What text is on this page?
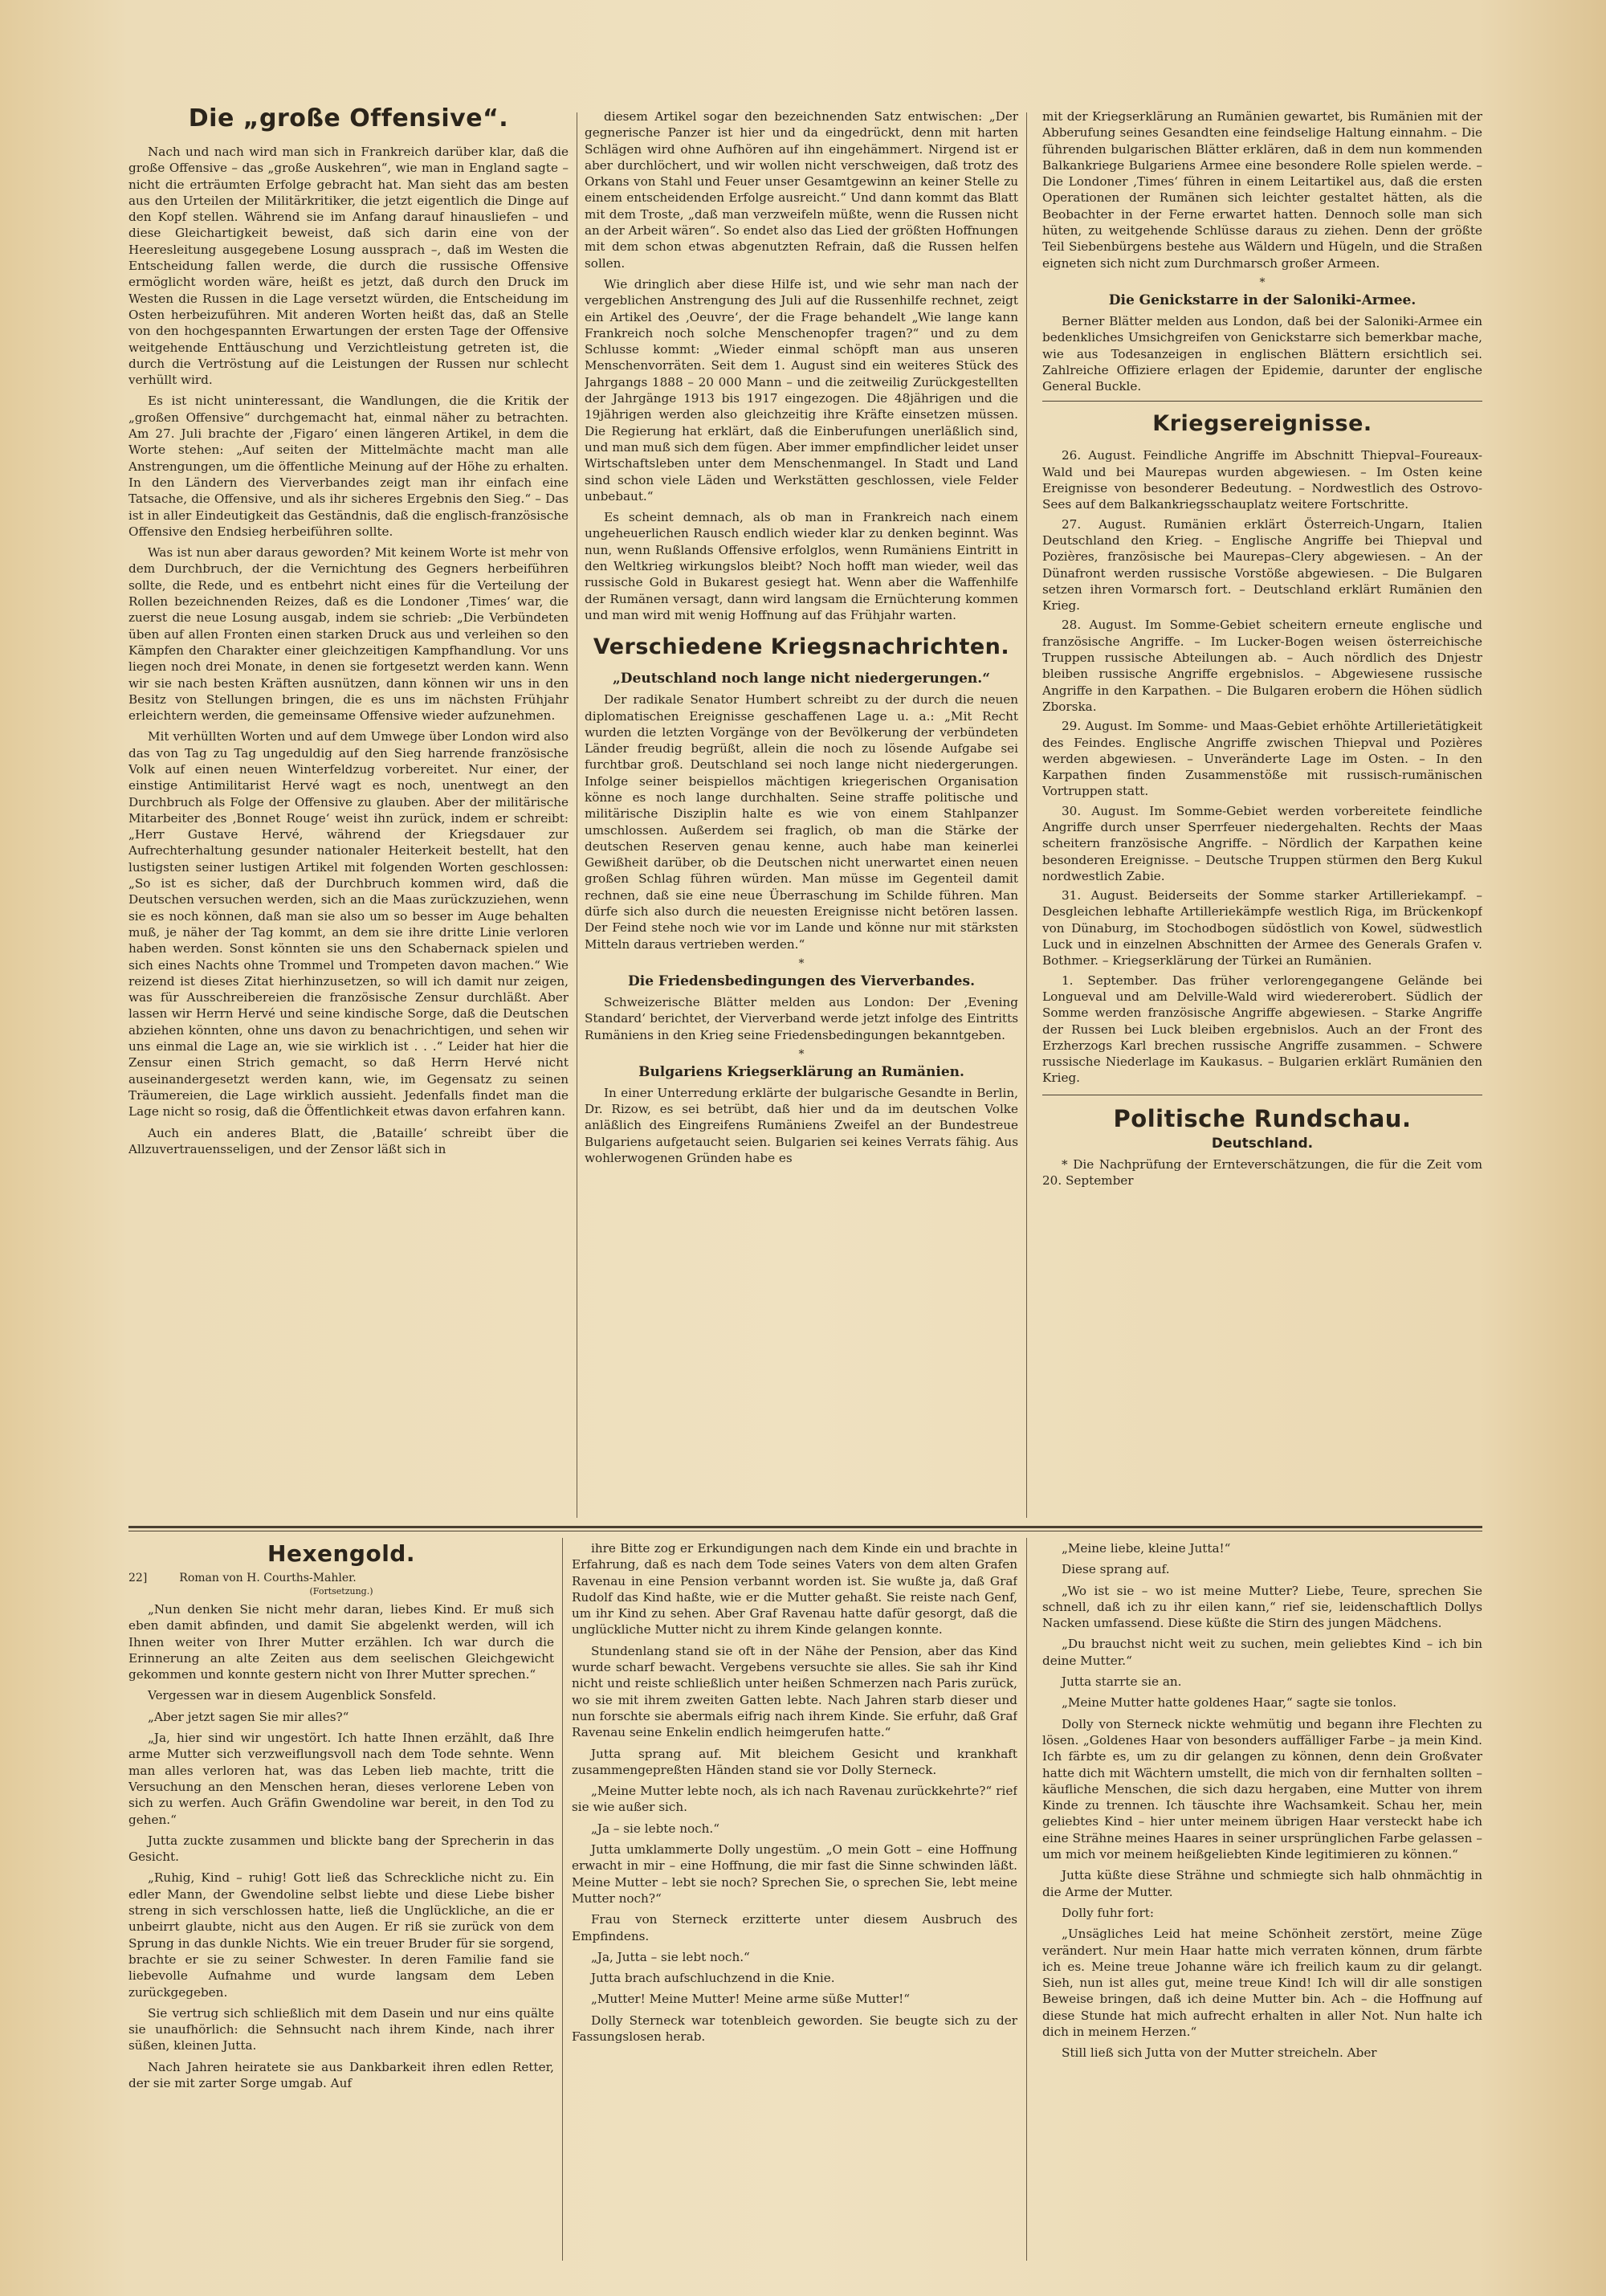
Die „große Offensive“.

Nach und nach wird man sich in Frankreich darüber klar, daß die große Offensive – das „große Auskehren“, wie man in England sagte – nicht die erträumten Erfolge gebracht hat. Man sieht das am besten aus den Urteilen der Militärkritiker, die jetzt eigentlich die Dinge auf den Kopf stellen. Während sie im Anfang darauf hinausliefen – und diese Gleichartigkeit beweist, daß sich darin eine von der Heeresleitung ausgegebene Losung aussprach –, daß im Westen die Entscheidung fallen werde, die durch die russische Offensive ermöglicht worden wäre, heißt es jetzt, daß durch den Druck im Westen die Russen in die Lage versetzt würden, die Entscheidung im Osten herbeizuführen. Mit anderen Worten heißt das, daß an Stelle von den hochgespannten Erwartungen der ersten Tage der Offensive weitgehende Enttäuschung und Verzichtleistung getreten ist, die durch die Vertröstung auf die Leistungen der Russen nur schlecht verhüllt wird.

Es ist nicht uninteressant, die Wandlungen, die die Kritik der „großen Offensive“ durchgemacht hat, einmal näher zu betrachten. Am 27. Juli brachte der ‚Figaro‘ einen längeren Artikel, in dem die Worte stehen: „Auf seiten der Mittelmächte macht man alle Anstrengungen, um die öffentliche Meinung auf der Höhe zu erhalten. In den Ländern des Vierverbandes zeigt man ihr einfach eine Tatsache, die Offensive, und als ihr sicheres Ergebnis den Sieg.“ – Das ist in aller Eindeutigkeit das Geständnis, daß die englisch-französische Offensive den Endsieg herbeiführen sollte.

Was ist nun aber daraus geworden? Mit keinem Worte ist mehr von dem Durchbruch, der die Vernichtung des Gegners herbeiführen sollte, die Rede, und es entbehrt nicht eines für die Verteilung der Rollen bezeichnenden Reizes, daß es die Londoner ‚Times‘ war, die zuerst die neue Losung ausgab, indem sie schrieb: „Die Verbündeten üben auf allen Fronten einen starken Druck aus und verleihen so den Kämpfen den Charakter einer gleichzeitigen Kampfhandlung. Vor uns liegen noch drei Monate, in denen sie fortgesetzt werden kann. Wenn wir sie nach besten Kräften ausnützen, dann können wir uns in den Besitz von Stellungen bringen, die es uns im nächsten Frühjahr erleichtern werden, die gemeinsame Offensive wieder aufzunehmen.

Mit verhüllten Worten und auf dem Umwege über London wird also das von Tag zu Tag ungeduldig auf den Sieg harrende französische Volk auf einen neuen Winterfeldzug vorbereitet. Nur einer, der einstige Antimilitarist Hervé wagt es noch, unentwegt an den Durchbruch als Folge der Offensive zu glauben. Aber der militärische Mitarbeiter des ‚Bonnet Rouge‘ weist ihn zurück, indem er schreibt: „Herr Gustave Hervé, während der Kriegsdauer zur Aufrechterhaltung gesunder nationaler Heiterkeit bestellt, hat den lustigsten seiner lustigen Artikel mit folgenden Worten geschlossen: „So ist es sicher, daß der Durchbruch kommen wird, daß die Deutschen versuchen werden, sich an die Maas zurückzuziehen, wenn sie es noch können, daß man sie also um so besser im Auge behalten muß, je näher der Tag kommt, an dem sie ihre dritte Linie verloren haben werden. Sonst könnten sie uns den Schabernack spielen und sich eines Nachts ohne Trommel und Trompeten davon machen.“ Wie reizend ist dieses Zitat hierhinzusetzen, so will ich damit nur zeigen, was für Ausschreibereien die französische Zensur durchläßt. Aber lassen wir Herrn Hervé und seine kindische Sorge, daß die Deutschen abziehen könnten, ohne uns davon zu benachrichtigen, und sehen wir uns einmal die Lage an, wie sie wirklich ist . . .“ Leider hat hier die Zensur einen Strich gemacht, so daß Herrn Hervé nicht auseinandergesetzt werden kann, wie, im Gegensatz zu seinen Träumereien, die Lage wirklich aussieht. Jedenfalls findet man die Lage nicht so rosig, daß die Öffentlichkeit etwas davon erfahren kann.

Auch ein anderes Blatt, die ‚Bataille‘ schreibt über die Allzuvertrauensseligen, und der Zensor läßt sich in

diesem Artikel sogar den bezeichnenden Satz entwischen: „Der gegnerische Panzer ist hier und da eingedrückt, denn mit harten Schlägen wird ohne Aufhören auf ihn eingehämmert. Nirgend ist er aber durchlöchert, und wir wollen nicht verschweigen, daß trotz des Orkans von Stahl und Feuer unser Gesamtgewinn an keiner Stelle zu einem entscheidenden Erfolge ausreicht.“ Und dann kommt das Blatt mit dem Troste, „daß man verzweifeln müßte, wenn die Russen nicht an der Arbeit wären“. So endet also das Lied der größten Hoffnungen mit dem schon etwas abgenutzten Refrain, daß die Russen helfen sollen.

Wie dringlich aber diese Hilfe ist, und wie sehr man nach der vergeblichen Anstrengung des Juli auf die Russenhilfe rechnet, zeigt ein Artikel des ‚Oeuvre‘, der die Frage behandelt „Wie lange kann Frankreich noch solche Menschenopfer tragen?“ und zu dem Schlusse kommt: „Wieder einmal schöpft man aus unseren Menschenvorräten. Seit dem 1. August sind ein weiteres Stück des Jahrgangs 1888 – 20 000 Mann – und die zeitweilig Zurückgestellten der Jahrgänge 1913 bis 1917 eingezogen. Die 48jährigen und die 19jährigen werden also gleichzeitig ihre Kräfte einsetzen müssen. Die Regierung hat erklärt, daß die Einberufungen unerläßlich sind, und man muß sich dem fügen. Aber immer empfindlicher leidet unser Wirtschaftsleben unter dem Menschenmangel. In Stadt und Land sind schon viele Läden und Werkstätten geschlossen, viele Felder unbebaut.“

Es scheint demnach, als ob man in Frankreich nach einem ungeheuerlichen Rausch endlich wieder klar zu denken beginnt. Was nun, wenn Rußlands Offensive erfolglos, wenn Rumäniens Eintritt in den Weltkrieg wirkungslos bleibt? Noch hofft man wieder, weil das russische Gold in Bukarest gesiegt hat. Wenn aber die Waffenhilfe der Rumänen versagt, dann wird langsam die Ernüchterung kommen und man wird mit wenig Hoffnung auf das Frühjahr warten.

Verschiedene Kriegsnachrichten.
„Deutschland noch lange nicht niedergerungen.“

Der radikale Senator Humbert schreibt zu der durch die neuen diplomatischen Ereignisse geschaffenen Lage u. a.: „Mit Recht wurden die letzten Vorgänge von der Bevölkerung der verbündeten Länder freudig begrüßt, allein die noch zu lösende Aufgabe sei furchtbar groß. Deutschland sei noch lange nicht niedergerungen. Infolge seiner beispiellos mächtigen kriegerischen Organisation könne es noch lange durchhalten. Seine straffe politische und militärische Disziplin halte es wie von einem Stahlpanzer umschlossen. Außerdem sei fraglich, ob man die Stärke der deutschen Reserven genau kenne, auch habe man keinerlei Gewißheit darüber, ob die Deutschen nicht unerwartet einen neuen großen Schlag führen würden. Man müsse im Gegenteil damit rechnen, daß sie eine neue Überraschung im Schilde führen. Man dürfe sich also durch die neuesten Ereignisse nicht betören lassen. Der Feind stehe noch wie vor im Lande und könne nur mit stärksten Mitteln daraus vertrieben werden.“

*
Die Friedensbedingungen des Vierverbandes.

Schweizerische Blätter melden aus London: Der ‚Evening Standard‘ berichtet, der Vierverband werde jetzt infolge des Eintritts Rumäniens in den Krieg seine Friedensbedingungen bekanntgeben.

*
Bulgariens Kriegserklärung an Rumänien.

In einer Unterredung erklärte der bulgarische Gesandte in Berlin, Dr. Rizow, es sei betrübt, daß hier und da im deutschen Volke anläßlich des Eingreifens Rumäniens Zweifel an der Bundestreue Bulgariens aufgetaucht seien. Bulgarien sei keines Verrats fähig. Aus wohlerwogenen Gründen habe es

mit der Kriegserklärung an Rumänien gewartet, bis Rumänien mit der Abberufung seines Gesandten eine feindselige Haltung einnahm. – Die führenden bulgarischen Blätter erklären, daß in dem nun kommenden Balkankriege Bulgariens Armee eine besondere Rolle spielen werde. – Die Londoner ‚Times‘ führen in einem Leitartikel aus, daß die ersten Operationen der Rumänen sich leichter gestaltet hätten, als die Beobachter in der Ferne erwartet hatten. Dennoch solle man sich hüten, zu weitgehende Schlüsse daraus zu ziehen. Denn der größte Teil Siebenbürgens bestehe aus Wäldern und Hügeln, und die Straßen eigneten sich nicht zum Durchmarsch großer Armeen.

*
Die Genickstarre in der Saloniki-Armee.

Berner Blätter melden aus London, daß bei der Saloniki-Armee ein bedenkliches Umsichgreifen von Genickstarre sich bemerkbar mache, wie aus Todesanzeigen in englischen Blättern ersichtlich sei. Zahlreiche Offiziere erlagen der Epidemie, darunter der englische General Buckle.

Kriegsereignisse.

26. August. Feindliche Angriffe im Abschnitt Thiepval–Foureaux-Wald und bei Maurepas wurden abgewiesen. – Im Osten keine Ereignisse von besonderer Bedeutung. – Nordwestlich des Ostrovo-Sees auf dem Balkankriegsschauplatz weitere Fortschritte.

27. August. Rumänien erklärt Österreich-Ungarn, Italien Deutschland den Krieg. – Englische Angriffe bei Thiepval und Pozières, französische bei Maurepas–Clery abgewiesen. – An der Dünafront werden russische Vorstöße abgewiesen. – Die Bulgaren setzen ihren Vormarsch fort. – Deutschland erklärt Rumänien den Krieg.

28. August. Im Somme-Gebiet scheitern erneute englische und französische Angriffe. – Im Lucker-Bogen weisen österreichische Truppen russische Abteilungen ab. – Auch nördlich des Dnjestr bleiben russische Angriffe ergebnislos. – Abgewiesene russische Angriffe in den Karpathen. – Die Bulgaren erobern die Höhen südlich Zborska.

29. August. Im Somme- und Maas-Gebiet erhöhte Artillerietätigkeit des Feindes. Englische Angriffe zwischen Thiepval und Pozières werden abgewiesen. – Unveränderte Lage im Osten. – In den Karpathen finden Zusammenstöße mit russisch-rumänischen Vortruppen statt.

30. August. Im Somme-Gebiet werden vorbereitete feindliche Angriffe durch unser Sperrfeuer niedergehalten. Rechts der Maas scheitern französische Angriffe. – Nördlich der Karpathen keine besonderen Ereignisse. – Deutsche Truppen stürmen den Berg Kukul nordwestlich Zabie.

31. August. Beiderseits der Somme starker Artilleriekampf. – Desgleichen lebhafte Artilleriekämpfe westlich Riga, im Brückenkopf von Dünaburg, im Stochodbogen südöstlich von Kowel, südwestlich Luck und in einzelnen Abschnitten der Armee des Generals Grafen v. Bothmer. – Kriegserklärung der Türkei an Rumänien.

1. September. Das früher verlorengegangene Gelände bei Longueval und am Delville-Wald wird wiedererobert. Südlich der Somme werden französische Angriffe abgewiesen. – Starke Angriffe der Russen bei Luck bleiben ergebnislos. Auch an der Front des Erzherzogs Karl brechen russische Angriffe zusammen. – Schwere russische Niederlage im Kaukasus. – Bulgarien erklärt Rumänien den Krieg.

Politische Rundschau.
Deutschland.

* Die Nachprüfung der Ernteverschätzungen, die für die Zeit vom 20. September

Hexengold.
22]	Roman von H. Courths-Mahler.
(Fortsetzung.)

„Nun denken Sie nicht mehr daran, liebes Kind. Er muß sich eben damit abfinden, und damit Sie abgelenkt werden, will ich Ihnen weiter von Ihrer Mutter erzählen. Ich war durch die Erinnerung an alte Zeiten aus dem seelischen Gleichgewicht gekommen und konnte gestern nicht von Ihrer Mutter sprechen.“

Vergessen war in diesem Augenblick Sonsfeld.

„Aber jetzt sagen Sie mir alles?“

„Ja, hier sind wir ungestört. Ich hatte Ihnen erzählt, daß Ihre arme Mutter sich verzweiflungsvoll nach dem Tode sehnte. Wenn man alles verloren hat, was das Leben lieb machte, tritt die Versuchung an den Menschen heran, dieses verlorene Leben von sich zu werfen. Auch Gräfin Gwendoline war bereit, in den Tod zu gehen.“

Jutta zuckte zusammen und blickte bang der Sprecherin in das Gesicht.

„Ruhig, Kind – ruhig! Gott ließ das Schreckliche nicht zu. Ein edler Mann, der Gwendoline selbst liebte und diese Liebe bisher streng in sich verschlossen hatte, ließ die Unglückliche, an die er unbeirrt glaubte, nicht aus den Augen. Er riß sie zurück von dem Sprung in das dunkle Nichts. Wie ein treuer Bruder für sie sorgend, brachte er sie zu seiner Schwester. In deren Familie fand sie liebevolle Aufnahme und wurde langsam dem Leben zurückgegeben.

Sie vertrug sich schließlich mit dem Dasein und nur eins quälte sie unaufhörlich: die Sehnsucht nach ihrem Kinde, nach ihrer süßen, kleinen Jutta.

Nach Jahren heiratete sie aus Dankbarkeit ihren edlen Retter, der sie mit zarter Sorge umgab. Auf

ihre Bitte zog er Erkundigungen nach dem Kinde ein und brachte in Erfahrung, daß es nach dem Tode seines Vaters von dem alten Grafen Ravenau in eine Pension verbannt worden ist. Sie wußte ja, daß Graf Rudolf das Kind haßte, wie er die Mutter gehaßt. Sie reiste nach Genf, um ihr Kind zu sehen. Aber Graf Ravenau hatte dafür gesorgt, daß die unglückliche Mutter nicht zu ihrem Kinde gelangen konnte.

Stundenlang stand sie oft in der Nähe der Pension, aber das Kind wurde scharf bewacht. Vergebens versuchte sie alles. Sie sah ihr Kind nicht und reiste schließlich unter heißen Schmerzen nach Paris zurück, wo sie mit ihrem zweiten Gatten lebte. Nach Jahren starb dieser und nun forschte sie abermals eifrig nach ihrem Kinde. Sie erfuhr, daß Graf Ravenau seine Enkelin endlich heimgerufen hatte.“

Jutta sprang auf. Mit bleichem Gesicht und krankhaft zusammengepreßten Händen stand sie vor Dolly Sterneck.

„Meine Mutter lebte noch, als ich nach Ravenau zurückkehrte?“ rief sie wie außer sich.

„Ja – sie lebte noch.“

Jutta umklammerte Dolly ungestüm. „O mein Gott – eine Hoffnung erwacht in mir – eine Hoffnung, die mir fast die Sinne schwinden läßt. Meine Mutter – lebt sie noch? Sprechen Sie, o sprechen Sie, lebt meine Mutter noch?“

Frau von Sterneck erzitterte unter diesem Ausbruch des Empfindens.

„Ja, Jutta – sie lebt noch.“

Jutta brach aufschluchzend in die Knie.

„Mutter! Meine Mutter! Meine arme süße Mutter!“

Dolly Sterneck war totenbleich geworden. Sie beugte sich zu der Fassungslosen herab.

„Meine liebe, kleine Jutta!“

Diese sprang auf.

„Wo ist sie – wo ist meine Mutter? Liebe, Teure, sprechen Sie schnell, daß ich zu ihr eilen kann,“ rief sie, leidenschaftlich Dollys Nacken umfassend. Diese küßte die Stirn des jungen Mädchens.

„Du brauchst nicht weit zu suchen, mein geliebtes Kind – ich bin deine Mutter.“

Jutta starrte sie an.

„Meine Mutter hatte goldenes Haar,“ sagte sie tonlos.

Dolly von Sterneck nickte wehmütig und begann ihre Flechten zu lösen. „Goldenes Haar von besonders auffälliger Farbe – ja mein Kind. Ich färbte es, um zu dir gelangen zu können, denn dein Großvater hatte dich mit Wächtern umstellt, die mich von dir fernhalten sollten – käufliche Menschen, die sich dazu hergaben, eine Mutter von ihrem Kinde zu trennen. Ich täuschte ihre Wachsamkeit. Schau her, mein geliebtes Kind – hier unter meinem übrigen Haar versteckt habe ich eine Strähne meines Haares in seiner ursprünglichen Farbe gelassen – um mich vor meinem heißgeliebten Kinde legitimieren zu können.“

Jutta küßte diese Strähne und schmiegte sich halb ohnmächtig in die Arme der Mutter.

Dolly fuhr fort:

„Unsägliches Leid hat meine Schönheit zerstört, meine Züge verändert. Nur mein Haar hatte mich verraten können, drum färbte ich es. Meine treue Johanne wäre ich freilich kaum zu dir gelangt. Sieh, nun ist alles gut, meine treue Kind! Ich will dir alle sonstigen Beweise bringen, daß ich deine Mutter bin. Ach – die Hoffnung auf diese Stunde hat mich aufrecht erhalten in aller Not. Nun halte ich dich in meinem Herzen.“

Still ließ sich Jutta von der Mutter streicheln. Aber
